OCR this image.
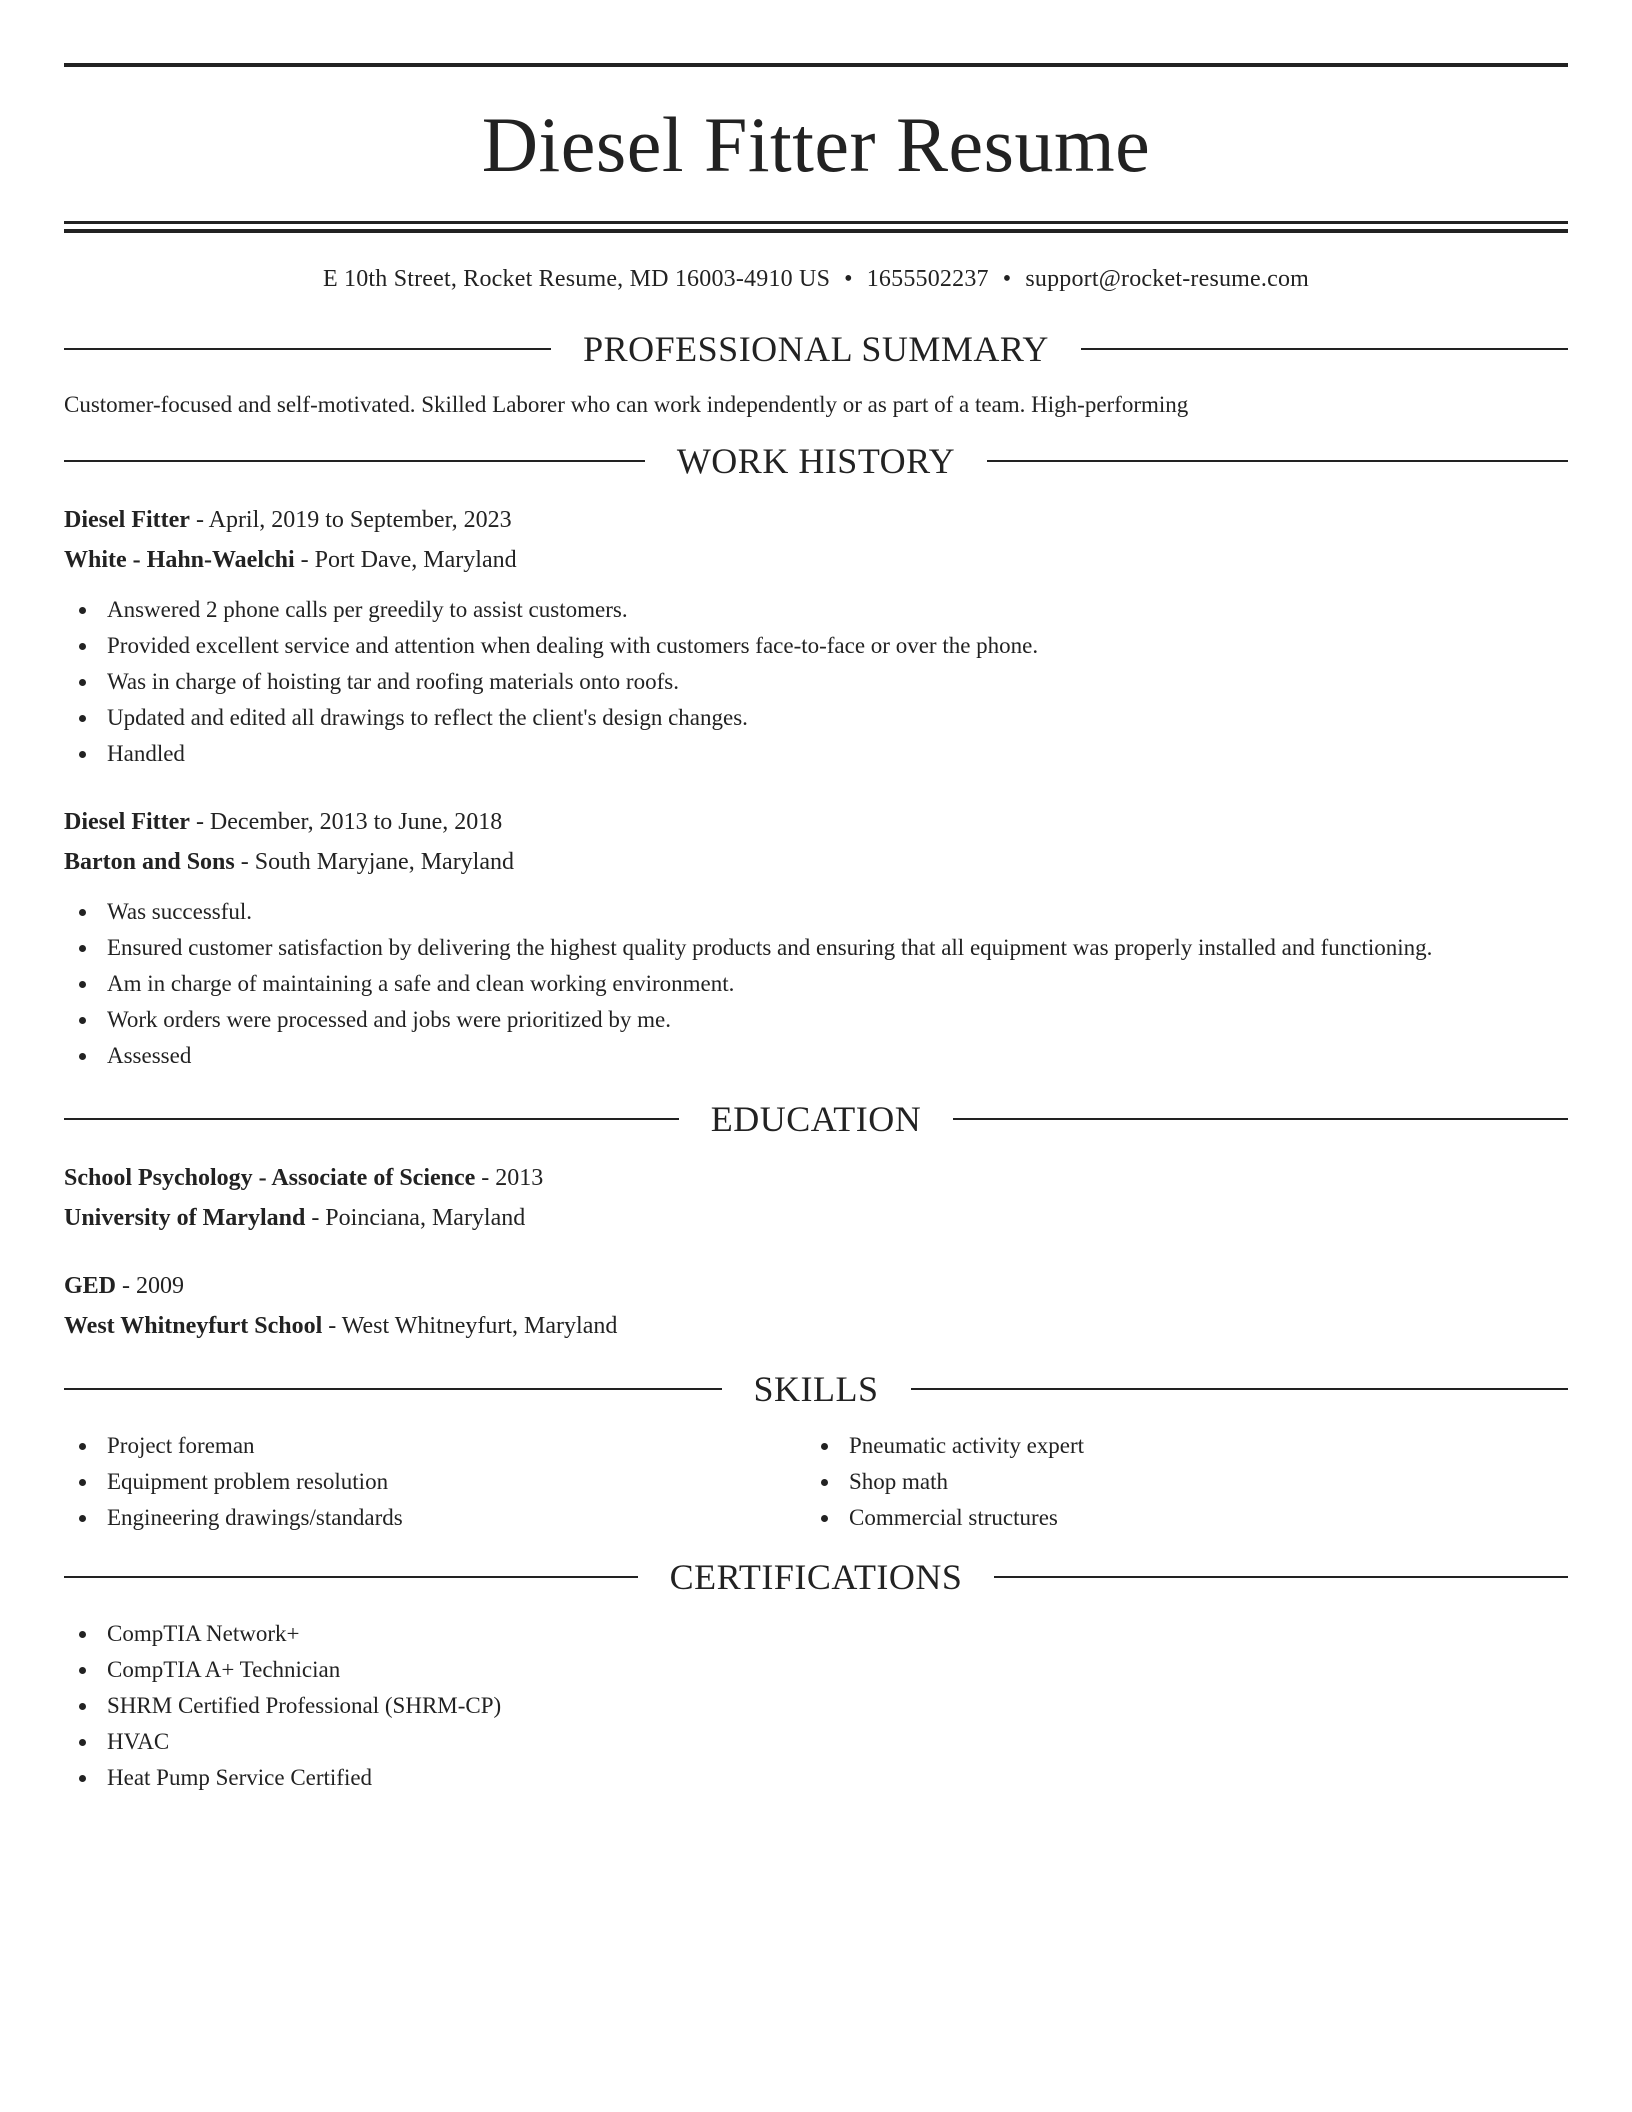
Diesel Fitter Resume
E 10th Street, Rocket Resume, MD 16003-4910 US • 1655502237 • support@rocket-resume.com
PROFESSIONAL SUMMARY
Customer-focused and self-motivated. Skilled Laborer who can work independently or as part of a team. High-performing
WORK HISTORY
Diesel Fitter - April, 2019 to September, 2023
White - Hahn-Waelchi - Port Dave, Maryland
Answered 2 phone calls per greedily to assist customers.
Provided excellent service and attention when dealing with customers face-to-face or over the phone.
Was in charge of hoisting tar and roofing materials onto roofs.
Updated and edited all drawings to reflect the client's design changes.
Handled
Diesel Fitter - December, 2013 to June, 2018
Barton and Sons - South Maryjane, Maryland
Was successful.
Ensured customer satisfaction by delivering the highest quality products and ensuring that all equipment was properly installed and functioning.
Am in charge of maintaining a safe and clean working environment.
Work orders were processed and jobs were prioritized by me.
Assessed
EDUCATION
School Psychology - Associate of Science - 2013
University of Maryland - Poinciana, Maryland
GED - 2009
West Whitneyfurt School - West Whitneyfurt, Maryland
SKILLS
Project foreman
Equipment problem resolution
Engineering drawings/standards
Pneumatic activity expert
Shop math
Commercial structures
CERTIFICATIONS
CompTIA Network+
CompTIA A+ Technician
SHRM Certified Professional (SHRM-CP)
HVAC
Heat Pump Service Certified
